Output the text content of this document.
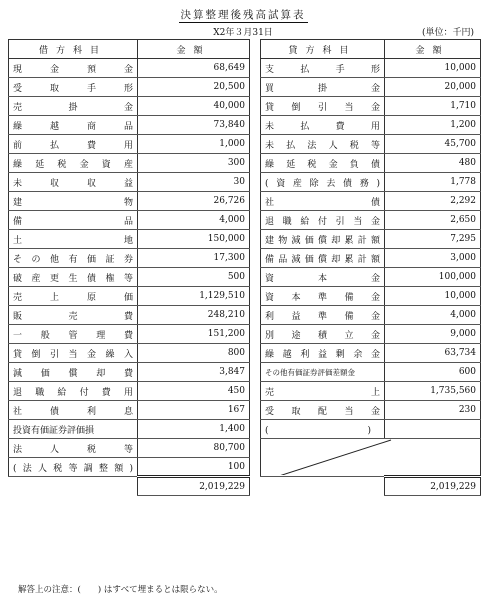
決算整理後残高試算表
X2年３月31日	(単位：千円)
借方科目	金額		貸方科目	金額
現金預金	68,649		支払手形	10,000
受取手形	20,500		買掛金	20,000
売掛金	40,000		貸倒引当金	1,710
繰越商品	73,840		未払費用	1,200
前払費用	1,000		未払法人税等	45,700
繰延税金資産	300		繰延税金負債	480
未収収益	30		(資産除去債務)	1,778
建物	26,726		社債	2,292
備品	4,000		退職給付引当金	2,650
土地	150,000		建物減価償却累計額	7,295
その他有価証券	17,300		備品減価償却累計額	3,000
破産更生債権等	500		資本金	100,000
売上原価	1,129,510		資本準備金	10,000
販売費	248,210		利益準備金	4,000
一般管理費	151,200		別途積立金	9,000
貸倒引当金繰入	800		繰越利益剰余金	63,734
減価償却費	3,847		その他有価証券評価差額金	600
退職給付費用	450		売上	1,735,560
社債利息	167		受取配当金	230
投資有価証券評価損	1,400		(　　　　　　　　　　　)	
法人税等	80,700		

(法人税等調整額)	100			
	2,019,229			2,019,229
解答上の注意：(　　) はすべて埋まるとは限らない。
